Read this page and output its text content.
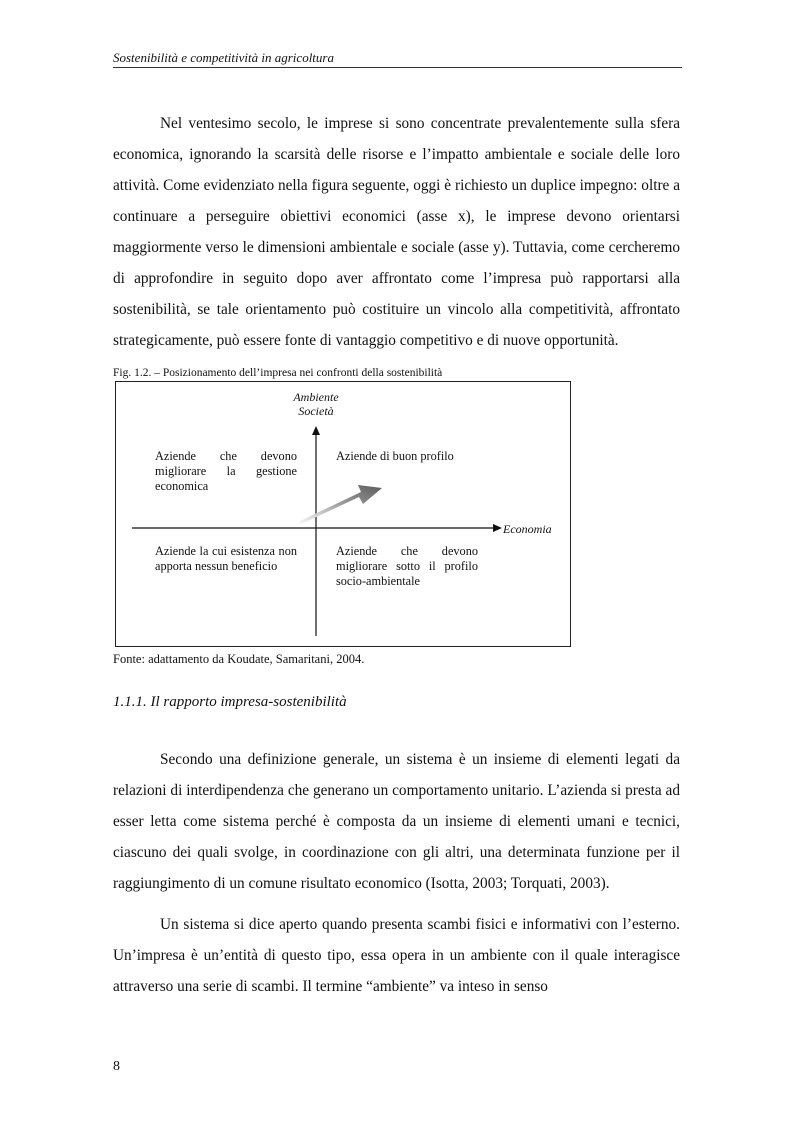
Sostenibilità e competitività in agricoltura

Nel ventesimo secolo, le imprese si sono concentrate prevalentemente sulla sfera economica, ignorando la scarsità delle risorse e l’impatto ambientale e sociale delle loro attività. Come evidenziato nella figura seguente, oggi è richiesto un duplice impegno: oltre a continuare a perseguire obiettivi economici (asse x), le imprese devono orientarsi maggiormente verso le dimensioni ambientale e sociale (asse y). Tuttavia, come cercheremo di approfondire in seguito dopo aver affrontato come l’impresa può rapportarsi alla sostenibilità, se tale orientamento può costituire un vincolo alla competitività, affrontato strategicamente, può essere fonte di vantaggio competitivo e di nuove opportunità.

Fig. 1.2. – Posizionamento dell’impresa nei confronti della sostenibilità
Ambiente
Società
Economia
Aziende che devono migliorare la gestione economica
Aziende di buon profilo
Aziende la cui esistenza non apporta nessun beneficio
Aziende che devono migliorare sotto il profilo socio-ambientale
Fonte: adattamento da Koudate, Samaritani, 2004.
1.1.1. Il rapporto impresa-sostenibilità

Secondo una definizione generale, un sistema è un insieme di elementi legati da relazioni di interdipendenza che generano un comportamento unitario. L’azienda si presta ad esser letta come sistema perché è composta da un insieme di elementi umani e tecnici, ciascuno dei quali svolge, in coordinazione con gli altri, una determinata funzione per il raggiungimento di un comune risultato economico (Isotta, 2003; Torquati, 2003).

Un sistema si dice aperto quando presenta scambi fisici e informativi con l’esterno. Un’impresa è un’entità di questo tipo, essa opera in un ambiente con il quale interagisce attraverso una serie di scambi. Il termine “ambiente” va inteso in senso

8
